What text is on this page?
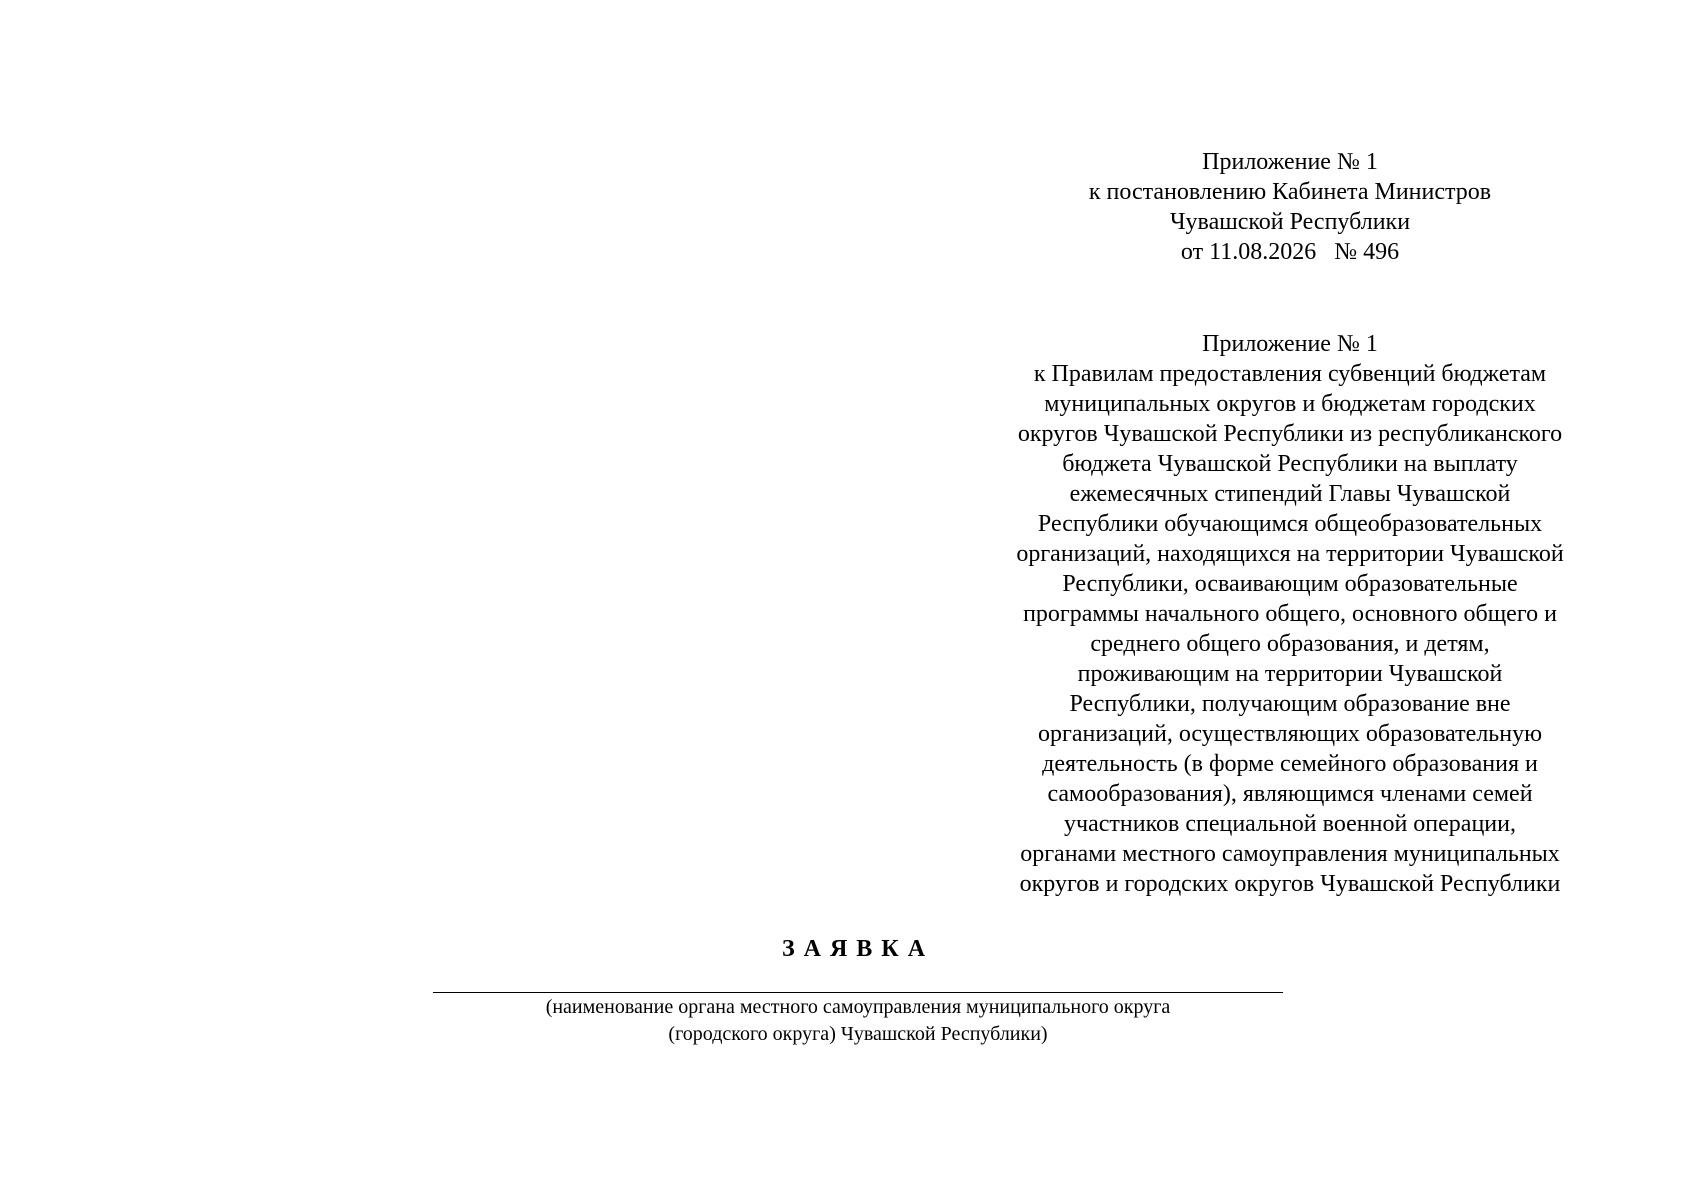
Приложение № 1
к постановлению Кабинета Министров
Чувашской Республики
от 11.08.2026   № 496
Приложение № 1
к Правилам предоставления субвенций бюджетам
муниципальных округов и бюджетам городских
округов Чувашской Республики из республиканского
бюджета Чувашской Республики на выплату
ежемесячных стипендий Главы Чувашской
Республики обучающимся общеобразовательных
организаций, находящихся на территории Чувашской
Республики, осваивающим образовательные
программы начального общего, основного общего и
среднего общего образования, и детям,
проживающим на территории Чувашской
Республики, получающим образование вне
организаций, осуществляющих образовательную
деятельность (в форме семейного образования и
самообразования), являющимся членами семей
участников специальной военной операции,
органами местного самоуправления муниципальных
округов и городских округов Чувашской Республики
ЗАЯВКА
(наименование органа местного самоуправления муниципального округа
(городского округа) Чувашской Республики)
